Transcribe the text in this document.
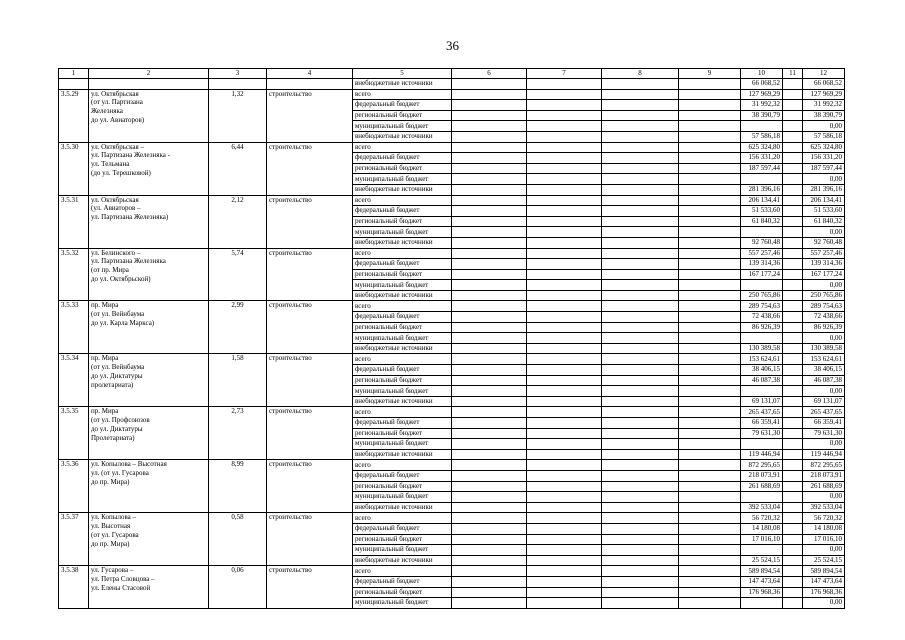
36
1	2	3	4	5	6	7	8	9	10	11	12
				внебюджетные источники					66 068,52		66 068,52
3.5.29	ул. Октябрьская
(от ул. Партизана
Железняка
до ул. Авиаторов)	1,32	строительство	всего					127 969,29		127 969,29
				федеральный бюджет					31 992,32		31 992,32
				региональный бюджет					38 390,79		38 390,79
				муниципальный бюджет							0,00
				внебюджетные источники					57 586,18		57 586,18
3.5.30	ул. Октябрьская –
ул. Партизана Железняка -
ул. Тельмана
(до ул. Терешковой)	6,44	строительство	всего					625 324,80		625 324,80
				федеральный бюджет					156 331,20		156 331,20
				региональный бюджет					187 597,44		187 597,44
				муниципальный бюджет							0,00
				внебюджетные источники					281 396,16		281 396,16
3.5.31	ул. Октябрьская
(ул. Авиаторов –
ул. Партизана Железняка)	2,12	строительство	всего					206 134,41		206 134,41
				федеральный бюджет					51 533,60		51 533,60
				региональный бюджет					61 840,32		61 840,32
				муниципальный бюджет							0,00
				внебюджетные источники					92 760,48		92 760,48
3.5.32	ул. Белинского –
ул. Партизана Железняка
(от пр. Мира
до ул. Октябрьской)	5,74	строительство	всего					557 257,46		557 257,46
				федеральный бюджет					139 314,36		139 314,36
				региональный бюджет					167 177,24		167 177,24
				муниципальный бюджет							0,00
				внебюджетные источники					250 765,86		250 765,86
3.5.33	пр. Мира
(от ул. Вейнбаума
до ул. Карла Маркса)	2,99	строительство	всего					289 754,63		289 754,63
				федеральный бюджет					72 438,66		72 438,66
				региональный бюджет					86 926,39		86 926,39
				муниципальный бюджет							0,00
				внебюджетные источники					130 389,58		130 389,58
3.5.34	пр. Мира
(от ул. Вейнбаума
до ул. Диктатуры
пролетариата)	1,58	строительство	всего					153 624,61		153 624,61
				федеральный бюджет					38 406,15		38 406,15
				региональный бюджет					46 087,38		46 087,38
				муниципальный бюджет							0,00
				внебюджетные источники					69 131,07		69 131,07
3.5.35	пр. Мира
(от ул. Профсоюзов
до ул. Диктатуры
Пролетариата)	2,73	строительство	всего					265 437,65		265 437,65
				федеральный бюджет					66 359,41		66 359,41
				региональный бюджет					79 631,30		79 631,30
				муниципальный бюджет							0,00
				внебюджетные источники					119 446,94		119 446,94
3.5.36	ул. Копылова – Высотная
ул. (от ул. Гусарова
до пр. Мира)	8,99	строительство	всего					872 295,65		872 295,65
				федеральный бюджет					218 073,91		218 073,91
				региональный бюджет					261 688,69		261 688,69
				муниципальный бюджет							0,00
				внебюджетные источники					392 533,04		392 533,04
3.5.37	ул. Копылова –
ул. Высотная
(от ул. Гусарова
до пр. Мира)	0,58	строительство	всего					56 720,32		56 720,32
				федеральный бюджет					14 180,08		14 180,08
				региональный бюджет					17 016,10		17 016,10
				муниципальный бюджет							0,00
				внебюджетные источники					25 524,15		25 524,15
3.5.38	ул. Гусарова –
ул. Петра Словцова –
ул. Елены Стасовой	0,06	строительство	всего					589 894,54		589 894,54
				федеральный бюджет					147 473,64		147 473,64
				региональный бюджет					176 968,36		176 968,36
				муниципальный бюджет							0,00
